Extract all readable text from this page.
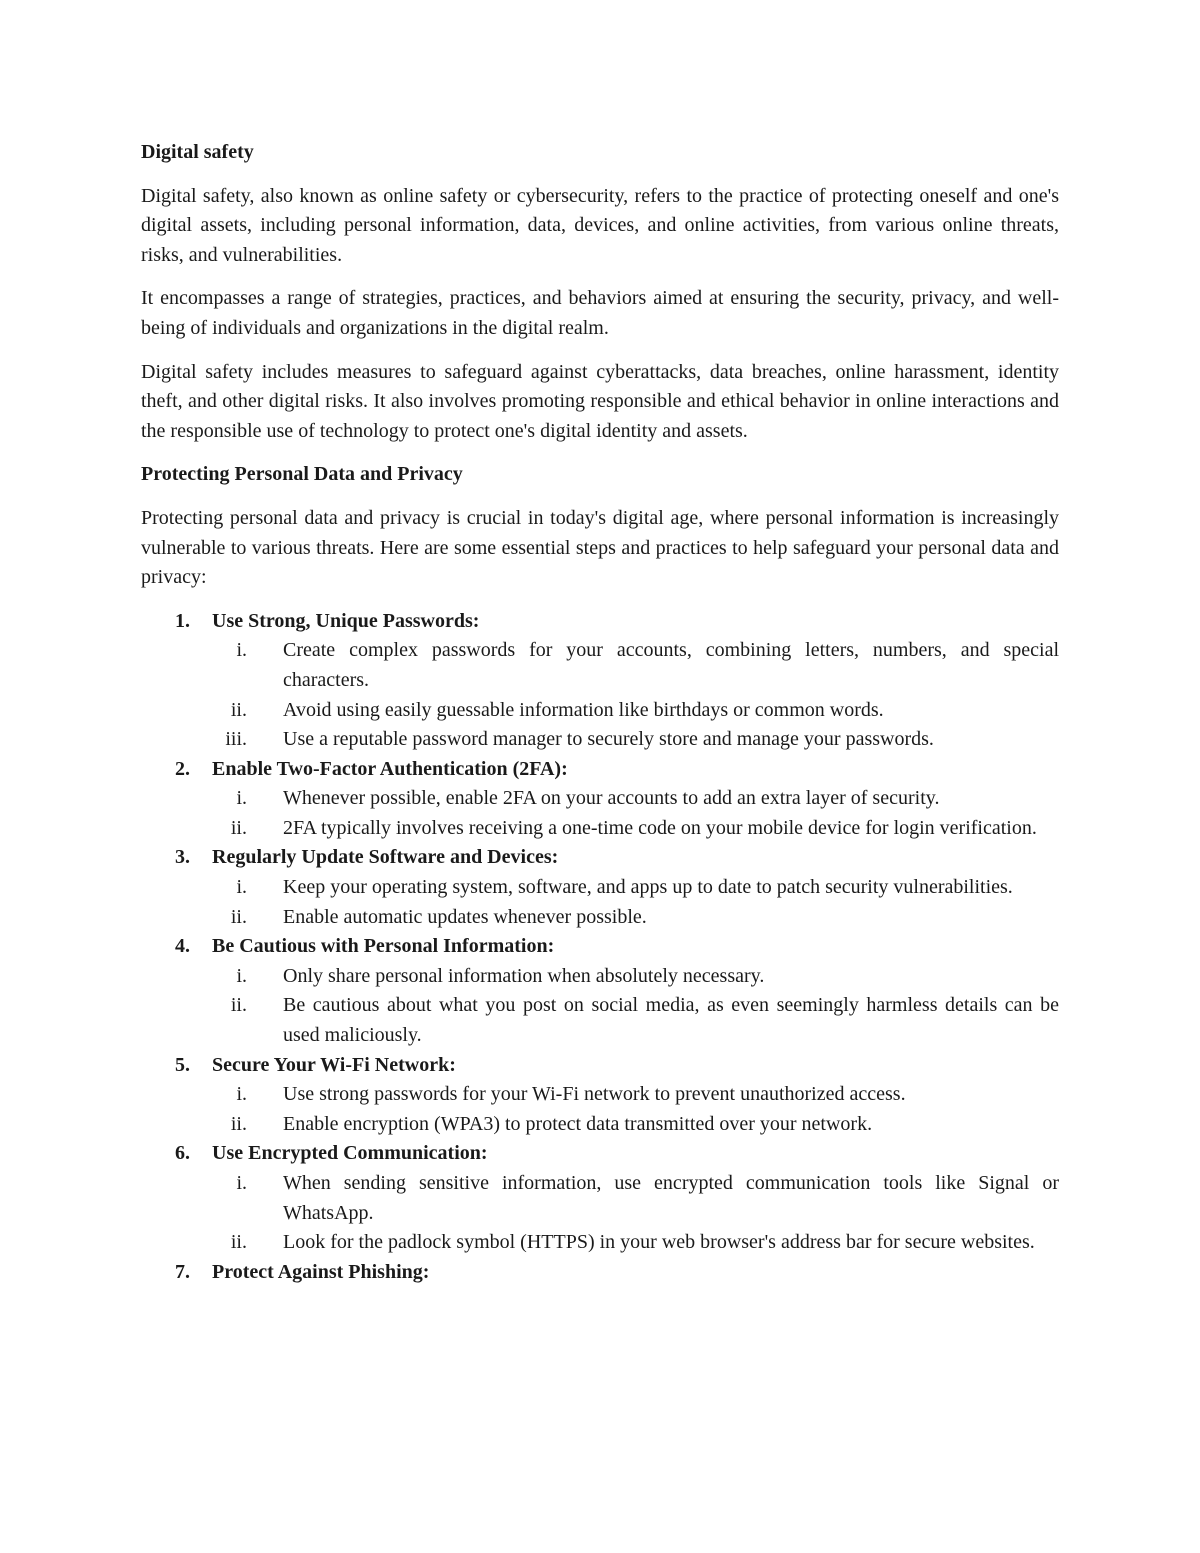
Digital safety

Digital safety, also known as online safety or cybersecurity, refers to the practice of protecting oneself and one's digital assets, including personal information, data, devices, and online activities, from various online threats, risks, and vulnerabilities.

It encompasses a range of strategies, practices, and behaviors aimed at ensuring the security, privacy, and well-being of individuals and organizations in the digital realm.

Digital safety includes measures to safeguard against cyberattacks, data breaches, online harassment, identity theft, and other digital risks. It also involves promoting responsible and ethical behavior in online interactions and the responsible use of technology to protect one's digital identity and assets.

Protecting Personal Data and Privacy

Protecting personal data and privacy is crucial in today's digital age, where personal information is increasingly vulnerable to various threats. Here are some essential steps and practices to help safeguard your personal data and privacy:

1. Use Strong, Unique Passwords:
i. Create complex passwords for your accounts, combining letters, numbers, and special characters.
ii. Avoid using easily guessable information like birthdays or common words.
iii. Use a reputable password manager to securely store and manage your passwords.
2. Enable Two-Factor Authentication (2FA):
i. Whenever possible, enable 2FA on your accounts to add an extra layer of security.
ii. 2FA typically involves receiving a one-time code on your mobile device for login verification.
3. Regularly Update Software and Devices:
i. Keep your operating system, software, and apps up to date to patch security vulnerabilities.
ii. Enable automatic updates whenever possible.
4. Be Cautious with Personal Information:
i. Only share personal information when absolutely necessary.
ii. Be cautious about what you post on social media, as even seemingly harmless details can be used maliciously.
5. Secure Your Wi-Fi Network:
i. Use strong passwords for your Wi-Fi network to prevent unauthorized access.
ii. Enable encryption (WPA3) to protect data transmitted over your network.
6. Use Encrypted Communication:
i. When sending sensitive information, use encrypted communication tools like Signal or WhatsApp.
ii. Look for the padlock symbol (HTTPS) in your web browser's address bar for secure websites.
7. Protect Against Phishing:
